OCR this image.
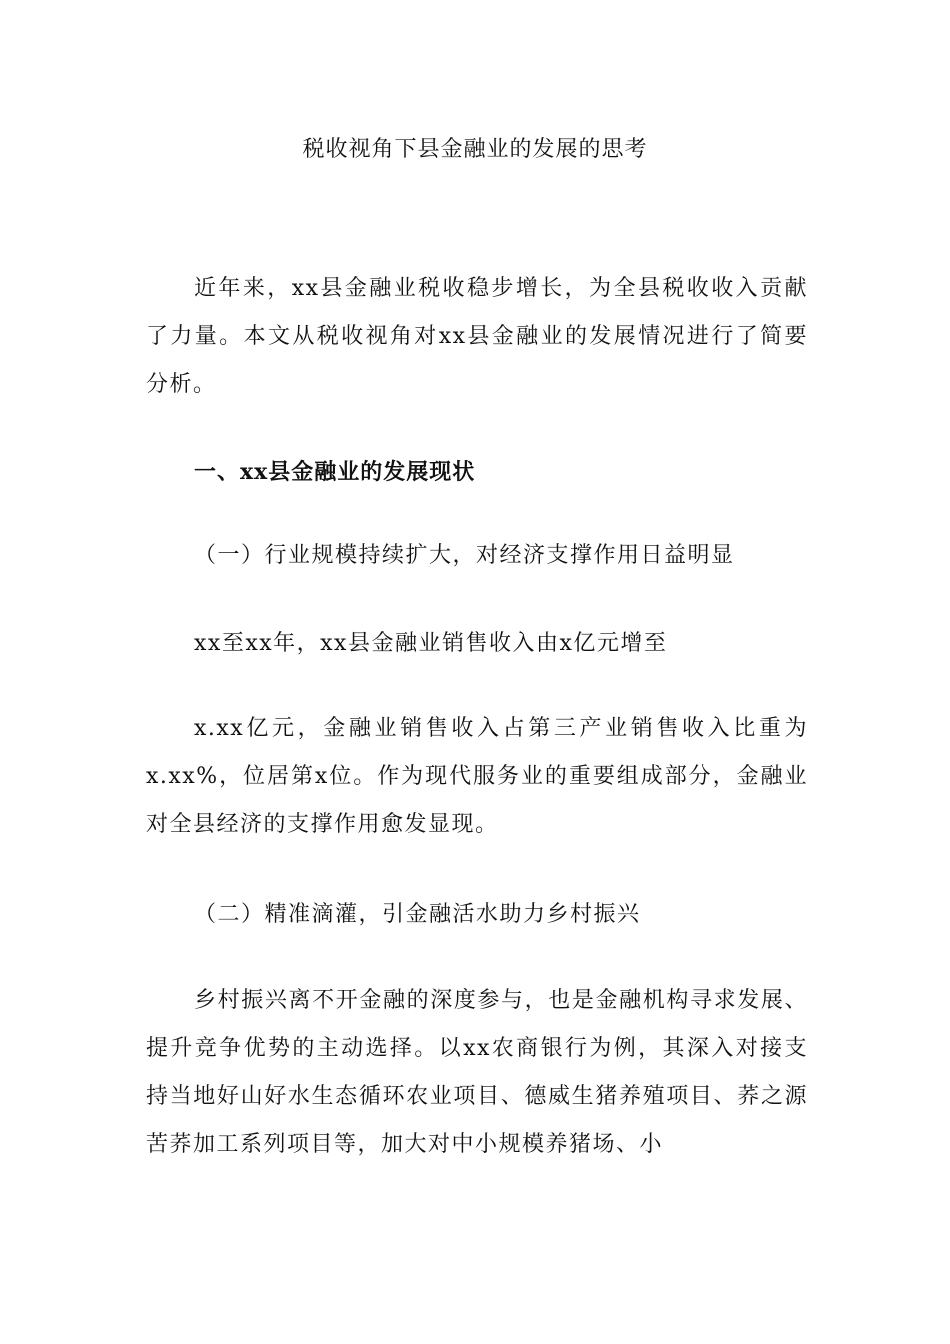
税收视角下县金融业的发展的思考
近年来，xx县金融业税收稳步增长，为全县税收收入贡献了力量。本文从税收视角对xx县金融业的发展情况进行了简要分析。
一、xx县金融业的发展现状
（一）行业规模持续扩大，对经济支撑作用日益明显
xx至xx年，xx县金融业销售收入由x亿元增至
x.xx亿元，金融业销售收入占第三产业销售收入比重为x.xx%，位居第x位。作为现代服务业的重要组成部分，金融业对全县经济的支撑作用愈发显现。
（二）精准滴灌，引金融活水助力乡村振兴
乡村振兴离不开金融的深度参与，也是金融机构寻求发展、提升竞争优势的主动选择。以xx农商银行为例，其深入对接支持当地好山好水生态循环农业项目、德威生猪养殖项目、荞之源苦荞加工系列项目等，加大对中小规模养猪场、小
